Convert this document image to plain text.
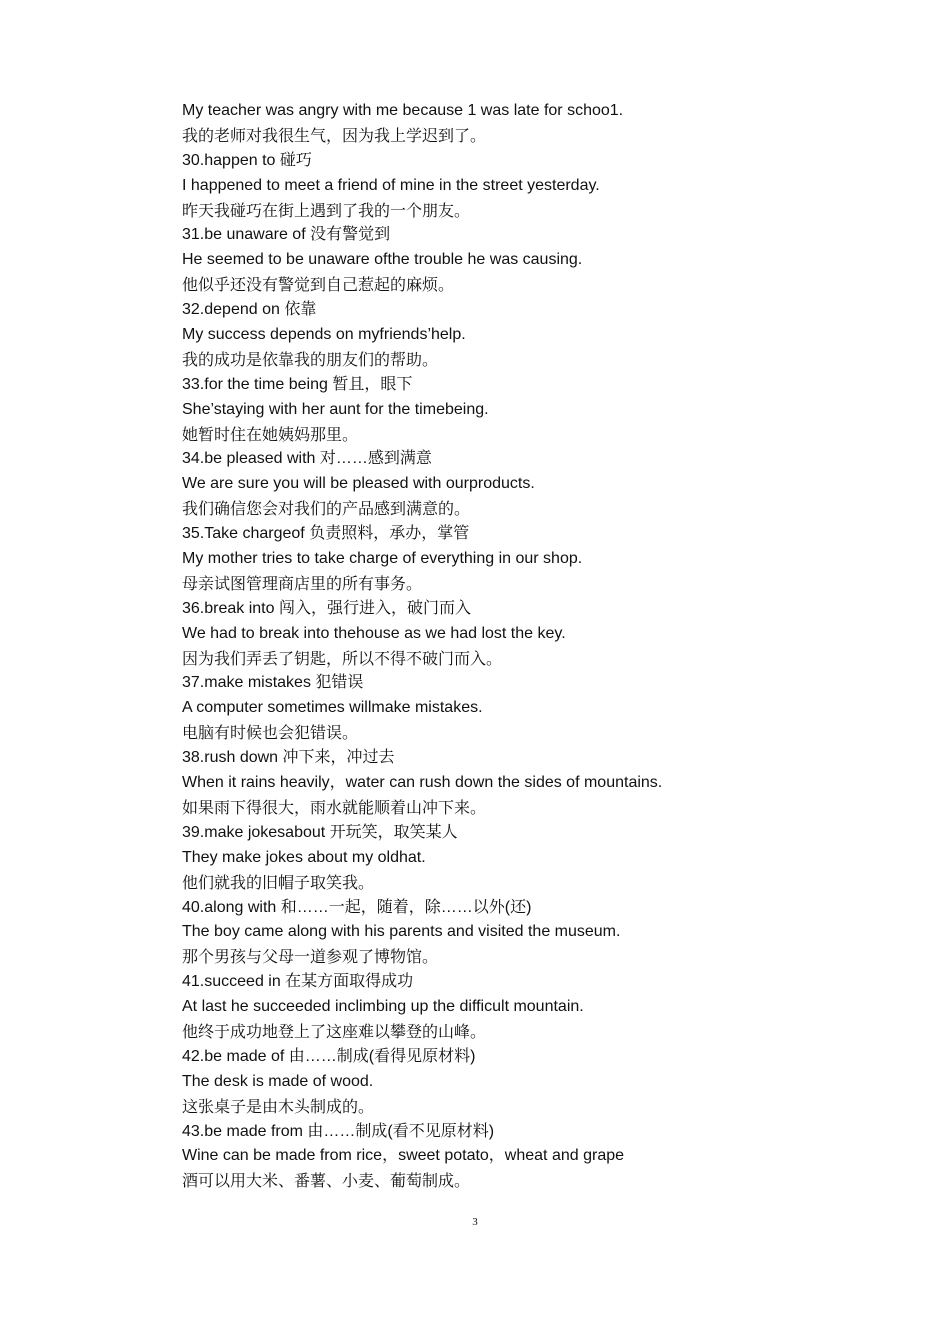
My teacher was angry with me because 1 was late for schoo1.
我的老师对我很生气，因为我上学迟到了。
30.happen to 碰巧
I happened to meet a friend of mine in the street yesterday.
昨天我碰巧在街上遇到了我的一个朋友。
31.be unaware of 没有警觉到
He seemed to be unaware ofthe trouble he was causing.
他似乎还没有警觉到自己惹起的麻烦。
32.depend on 依靠
My success depends on myfriends’help.
我的成功是依靠我的朋友们的帮助。
33.for the time being 暂且，眼下
She’staying with her aunt for the timebeing.
她暂时住在她姨妈那里。
34.be pleased with 对……感到满意
We are sure you will be pleased with ourproducts.
我们确信您会对我们的产品感到满意的。
35.Take chargeof 负责照料，承办，掌管
My mother tries to take charge of everything in our shop.
母亲试图管理商店里的所有事务。
36.break into 闯入，强行进入，破门而入
We had to break into thehouse as we had lost the key.
因为我们弄丢了钥匙，所以不得不破门而入。
37.make mistakes 犯错误
A computer sometimes willmake mistakes.
电脑有时候也会犯错误。
38.rush down 冲下来，冲过去
When it rains heavily，water can rush down the sides of mountains.
如果雨下得很大，雨水就能顺着山冲下来。
39.make jokesabout 开玩笑，取笑某人
They make jokes about my oldhat.
他们就我的旧帽子取笑我。
40.along with 和……一起，随着，除……以外(还)
The boy came along with his parents and visited the museum.
那个男孩与父母一道参观了博物馆。
41.succeed in 在某方面取得成功
At last he succeeded inclimbing up the difficult mountain.
他终于成功地登上了这座难以攀登的山峰。
42.be made of 由……制成(看得见原材料)
The desk is made of wood.
这张桌子是由木头制成的。
43.be made from 由……制成(看不见原材料)
Wine can be made from rice，sweet potato，wheat and grape
酒可以用大米、番薯、小麦、葡萄制成。
3
